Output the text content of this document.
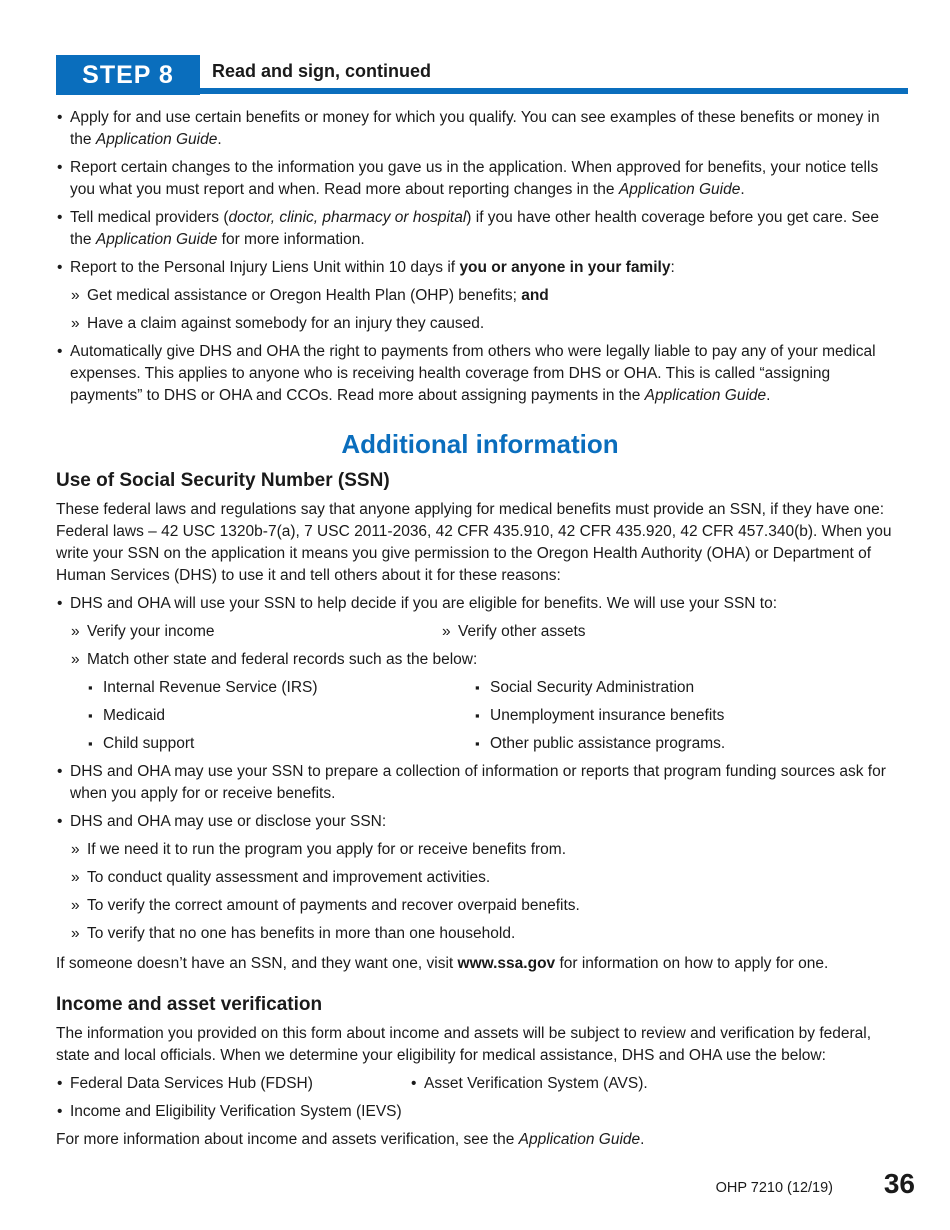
STEP 8	Read and sign, continued
• Apply for and use certain benefits or money for which you qualify. You can see examples of these benefits or money in the Application Guide.
• Report certain changes to the information you gave us in the application. When approved for benefits, your notice tells you what you must report and when. Read more about reporting changes in the Application Guide.
• Tell medical providers (doctor, clinic, pharmacy or hospital) if you have other health coverage before you get care. See the Application Guide for more information.
• Report to the Personal Injury Liens Unit within 10 days if you or anyone in your family:
» Get medical assistance or Oregon Health Plan (OHP) benefits; and
» Have a claim against somebody for an injury they caused.
• Automatically give DHS and OHA the right to payments from others who were legally liable to pay any of your medical expenses. This applies to anyone who is receiving health coverage from DHS or OHA. This is called “assigning payments” to DHS or OHA and CCOs. Read more about assigning payments in the Application Guide.
Additional information
Use of Social Security Number (SSN)

These federal laws and regulations say that anyone applying for medical benefits must provide an SSN, if they have one: Federal laws – 42 USC 1320b-7(a), 7 USC 2011-2036, 42 CFR 435.910, 42 CFR 435.920, 42 CFR 457.340(b). When you write your SSN on the application it means you give permission to the Oregon Health Authority (OHA) or Department of Human Services (DHS) to use it and tell others about it for these reasons:

• DHS and OHA will use your SSN to help decide if you are eligible for benefits. We will use your SSN to:
» Verify your income	» Verify other assets
» Match other state and federal records such as the below:
▪ Internal Revenue Service (IRS)	▪ Social Security Administration
▪ Medicaid	▪ Unemployment insurance benefits
▪ Child support	▪ Other public assistance programs.
• DHS and OHA may use your SSN to prepare a collection of information or reports that program funding sources ask for when you apply for or receive benefits.
• DHS and OHA may use or disclose your SSN:
» If we need it to run the program you apply for or receive benefits from.
» To conduct quality assessment and improvement activities.
» To verify the correct amount of payments and recover overpaid benefits.
» To verify that no one has benefits in more than one household.

If someone doesn’t have an SSN, and they want one, visit www.ssa.gov for information on how to apply for one.

Income and asset verification

The information you provided on this form about income and assets will be subject to review and verification by federal, state and local officials. When we determine your eligibility for medical assistance, DHS and OHA use the below:

• Federal Data Services Hub (FDSH)	• Asset Verification System (AVS).
• Income and Eligibility Verification System (IEVS)

For more information about income and assets verification, see the Application Guide.

OHP 7210 (12/19) 36
